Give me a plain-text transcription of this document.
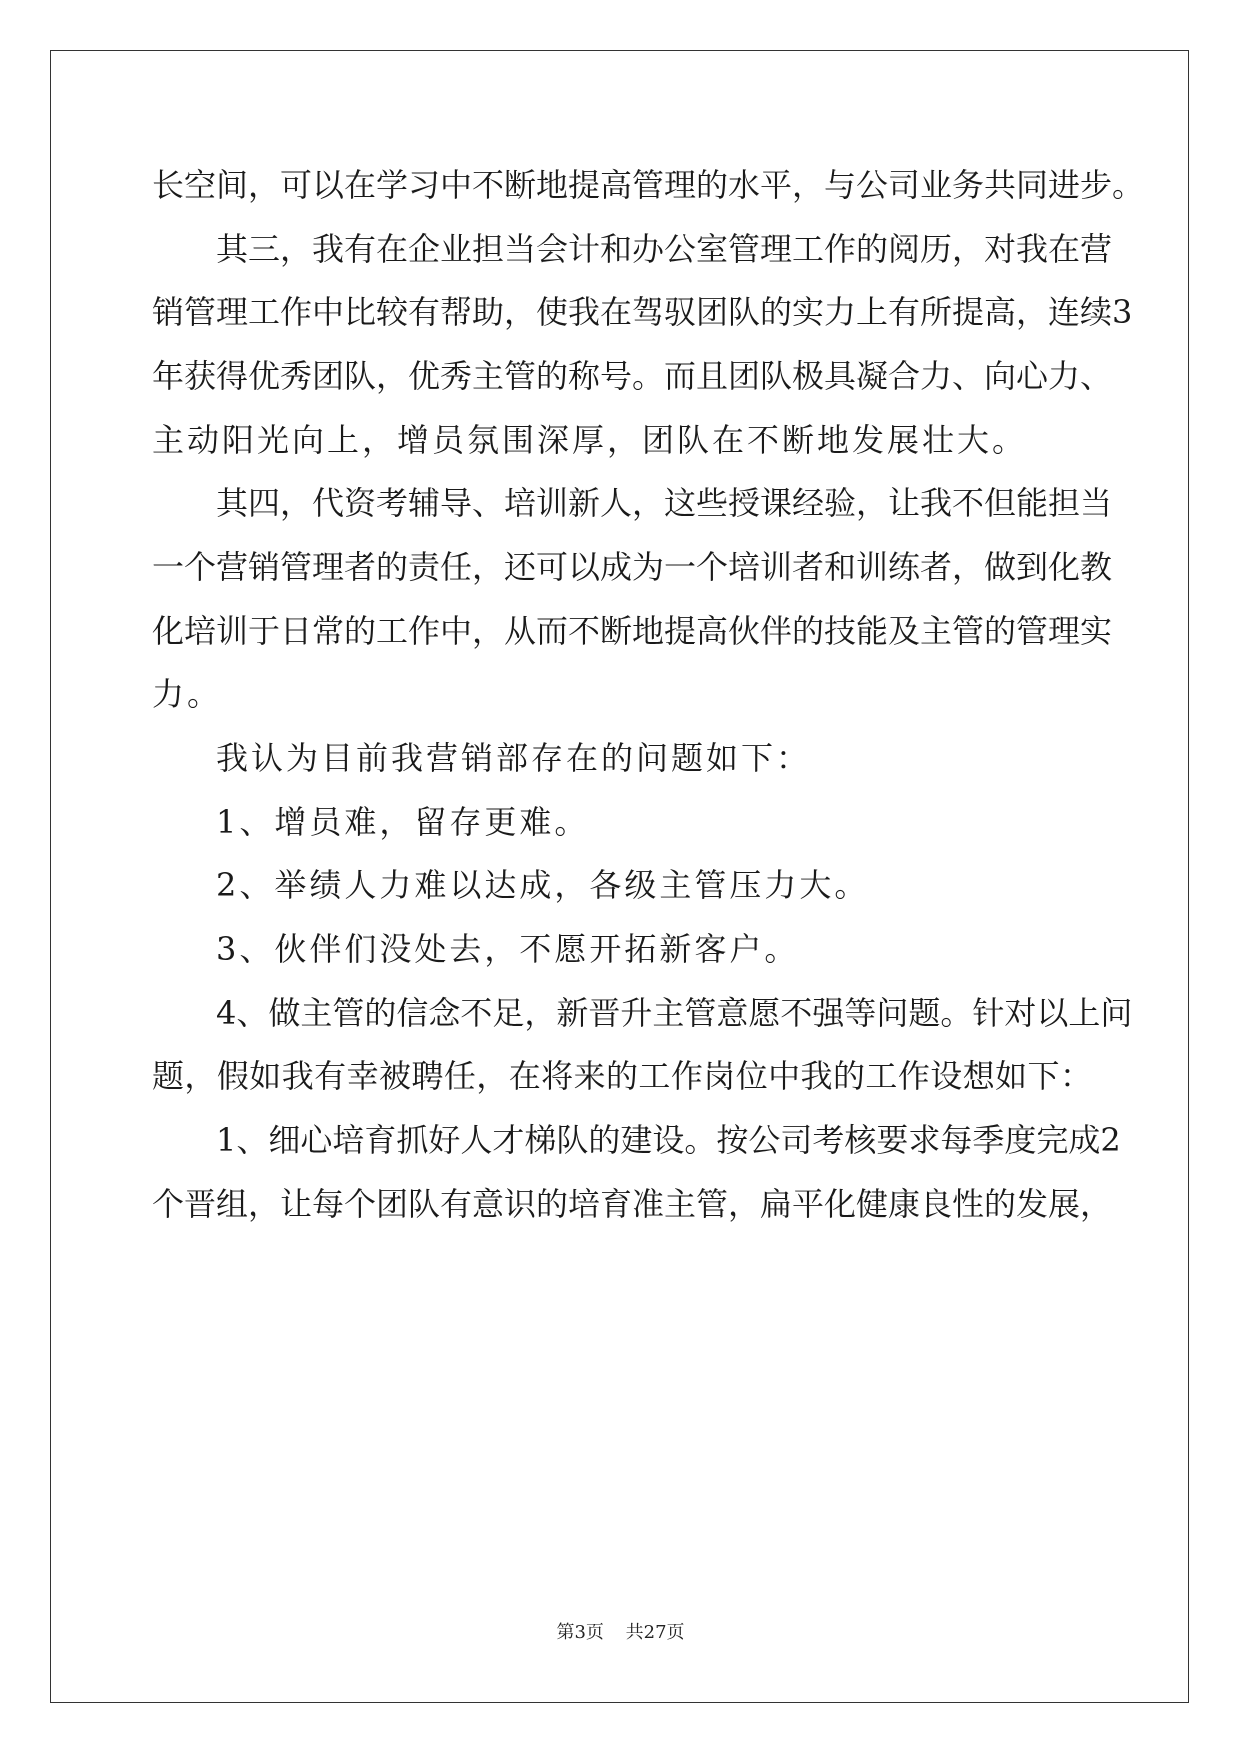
长空间，可以在学习中不断地提高管理的水平，与公司业务共同进步。
其三，我有在企业担当会计和办公室管理工作的阅历，对我在营
销管理工作中比较有帮助，使我在驾驭团队的实力上有所提高，连续3
年获得优秀团队，优秀主管的称号。而且团队极具凝合力、向心力、
主动阳光向上，增员氛围深厚，团队在不断地发展壮大。
其四，代资考辅导、培训新人，这些授课经验，让我不但能担当
一个营销管理者的责任，还可以成为一个培训者和训练者，做到化教
化培训于日常的工作中，从而不断地提高伙伴的技能及主管的管理实
力。
我认为目前我营销部存在的问题如下：
1、增员难，留存更难。
2、举绩人力难以达成，各级主管压力大。
3、伙伴们没处去，不愿开拓新客户。
4、做主管的信念不足，新晋升主管意愿不强等问题。针对以上问
题，假如我有幸被聘任，在将来的工作岗位中我的工作设想如下：
1、细心培育抓好人才梯队的建设。按公司考核要求每季度完成2
个晋组，让每个团队有意识的培育准主管，扁平化健康良性的发展，
第3页 共27页
